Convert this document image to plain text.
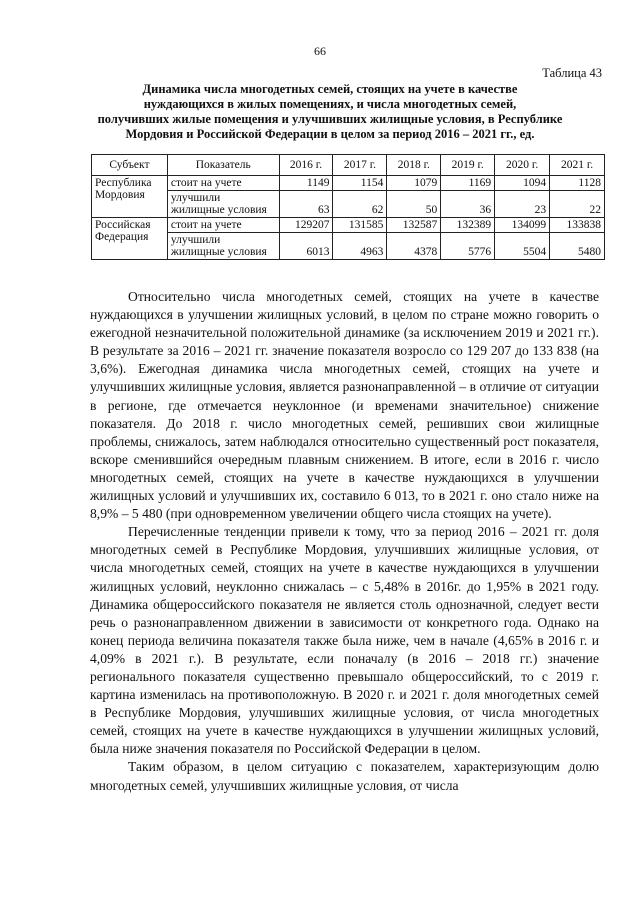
66
Таблица 43
Динамика числа многодетных семей, стоящих на учете в качестве
нуждающихся в жилых помещениях, и числа многодетных семей,
получивших жилые помещения и улучшивших жилищные условия, в Республике
Мордовия и Российской Федерации в целом за период 2016 – 2021 гг., ед.
Субъект	Показатель	2016 г.	2017 г.	2018 г.	2019 г.	2020 г.	2021 г.
Республика Мордовия	стоит на учете	1149	1154	1079	1169	1094	1128
	улучшили жилищные условия	63	62	50	36	23	22
Российская Федерация	стоит на учете	129207	131585	132587	132389	134099	133838
	улучшили жилищные условия	6013	4963	4378	5776	5504	5480

Относительно числа многодетных семей, стоящих на учете в качестве нуждающихся в улучшении жилищных условий, в целом по стране можно говорить о ежегодной незначительной положительной динамике (за исключением 2019 и 2021 гг.). В результате за 2016 – 2021 гг. значение показателя возросло со 129 207 до 133 838 (на 3,6%). Ежегодная динамика числа многодетных семей, стоящих на учете и улучшивших жилищные условия, является разнонаправленной – в отличие от ситуации в регионе, где отмечается неуклонное (и временами значительное) снижение показателя. До 2018 г. число многодетных семей, решивших свои жилищные проблемы, снижалось, затем наблюдался относительно существенный рост показателя, вскоре сменившийся очередным плавным снижением. В итоге, если в 2016 г. число многодетных семей, стоящих на учете в качестве нуждающихся в улучшении жилищных условий и улучшивших их, составило 6 013, то в 2021 г. оно стало ниже на 8,9% – 5 480 (при одновременном увеличении общего числа стоящих на учете).

Перечисленные тенденции привели к тому, что за период 2016 – 2021 гг. доля многодетных семей в Республике Мордовия, улучшивших жилищные условия, от числа многодетных семей, стоящих на учете в качестве нуждающихся в улучшении жилищных условий, неуклонно снижалась – с 5,48% в 2016г. до 1,95% в 2021 году. Динамика общероссийского показателя не является столь однозначной, следует вести речь о разнонаправленном движении в зависимости от конкретного года. Однако на конец периода величина показателя также была ниже, чем в начале (4,65% в 2016 г. и 4,09% в 2021 г.). В результате, если поначалу (в 2016 – 2018 гг.) значение регионального показателя существенно превышало общероссийский, то с 2019 г. картина изменилась на противоположную. В 2020 г. и 2021 г. доля многодетных семей в Республике Мордовия, улучшивших жилищные условия, от числа многодетных семей, стоящих на учете в качестве нуждающихся в улучшении жилищных условий, была ниже значения показателя по Российской Федерации в целом.

Таким образом, в целом ситуацию с показателем, характеризующим долю многодетных семей, улучшивших жилищные условия, от числа
